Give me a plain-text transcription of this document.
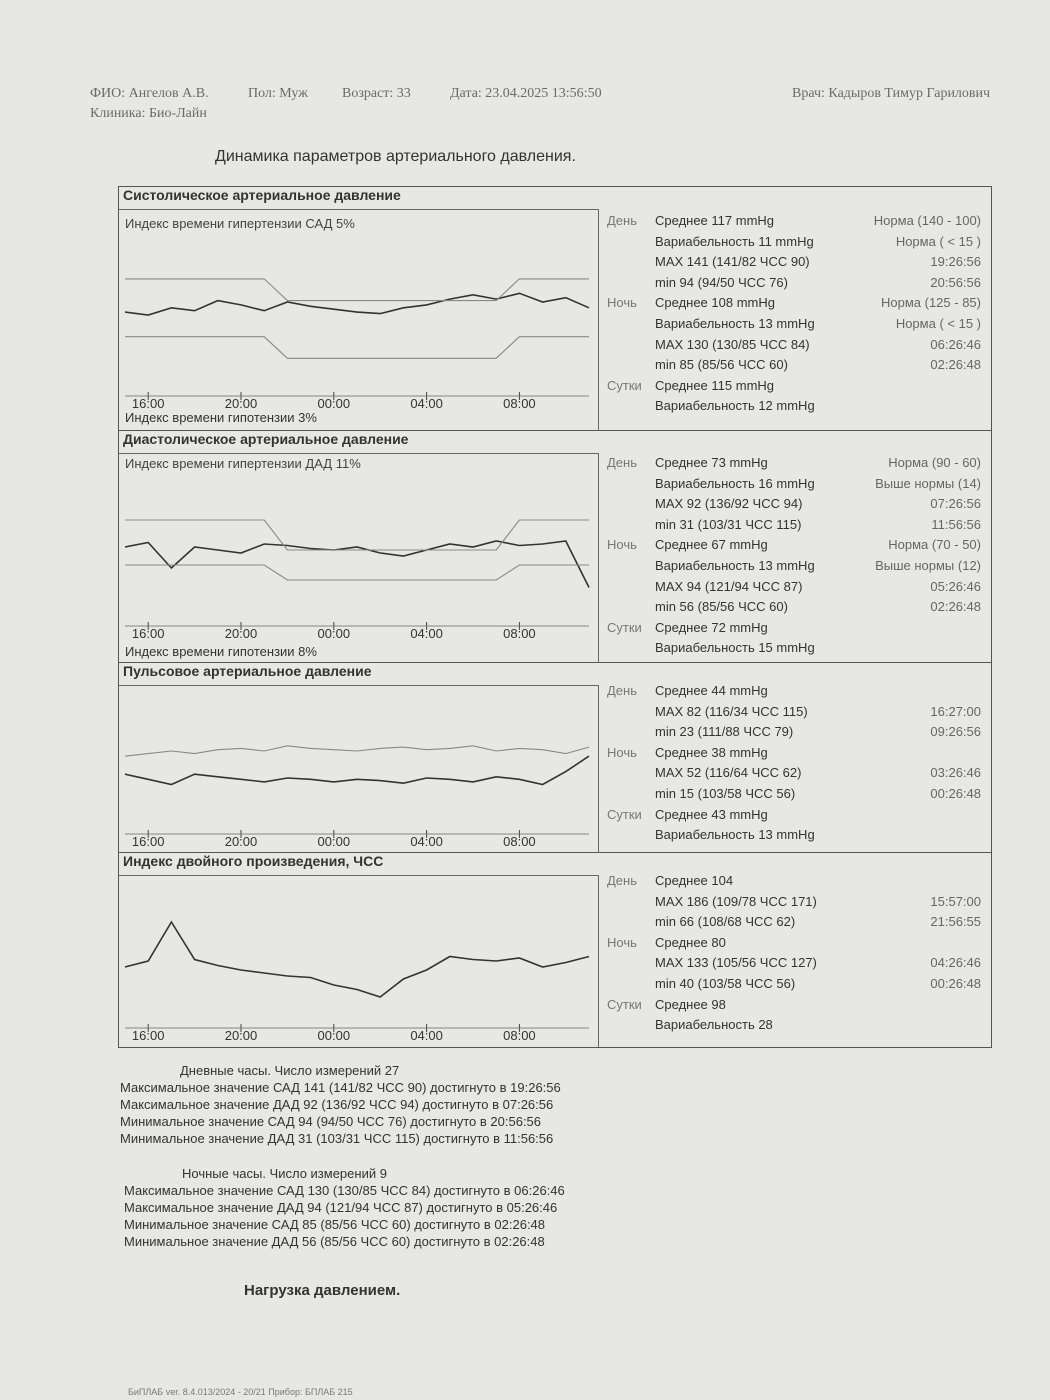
ФИО: Ангелов А.В.	Пол: Муж Возраст: 33	Дата: 23.04.2025 13:56:50	Врач: Кадыров Тимур Гарилович
Клиника: Био-Лайн
Динамика параметров артериального давления.
Систолическое артериальное давление
Индекс времени гипертензии САД 5%
16:00	20:00	00:00	04:00	08:00
Индекс времени гипотензии 3%
День Среднее 117 mmHg	Норма (140 - 100)
Вариабельность 11 mmHg	Норма ( < 15 )
MAX 141 (141/82 ЧСС 90)	19:26:56
min 94 (94/50 ЧСС 76)	20:56:56
Ночь Среднее 108 mmHg	Норма (125 - 85)
Вариабельность 13 mmHg	Норма ( < 15 )
MAX 130 (130/85 ЧСС 84)	06:26:46
min 85 (85/56 ЧСС 60)	02:26:48
Сутки Среднее 115 mmHg
Вариабельность 12 mmHg
Диастолическое артериальное давление
Индекс времени гипертензии ДАД 11%
16:00	20:00	00:00	04:00	08:00
Индекс времени гипотензии 8%
День Среднее 73 mmHg	Норма (90 - 60)
Вариабельность 16 mmHg	Выше нормы (14)
MAX 92 (136/92 ЧСС 94)	07:26:56
min 31 (103/31 ЧСС 115)	11:56:56
Ночь Среднее 67 mmHg	Норма (70 - 50)
Вариабельность 13 mmHg	Выше нормы (12)
MAX 94 (121/94 ЧСС 87)	05:26:46
min 56 (85/56 ЧСС 60)	02:26:48
Сутки Среднее 72 mmHg
Вариабельность 15 mmHg
Пульсовое артериальное давление
16:00	20:00	00:00	04:00	08:00
День Среднее 44 mmHg
MAX 82 (116/34 ЧСС 115)	16:27:00
min 23 (111/88 ЧСС 79)	09:26:56
Ночь Среднее 38 mmHg
MAX 52 (116/64 ЧСС 62)	03:26:46
min 15 (103/58 ЧСС 56)	00:26:48
Сутки Среднее 43 mmHg
Вариабельность 13 mmHg
Индекс двойного произведения, ЧСС
16:00	20:00	00:00	04:00	08:00
День Среднее 104
MAX 186 (109/78 ЧСС 171)	15:57:00
min 66 (108/68 ЧСС 62)	21:56:55
Ночь Среднее 80
MAX 133 (105/56 ЧСС 127)	04:26:46
min 40 (103/58 ЧСС 56)	00:26:48
Сутки Среднее 98
Вариабельность 28
Дневные часы. Число измерений 27
Максимальное значение САД 141 (141/82 ЧСС 90) достигнуто в 19:26:56
Максимальное значение ДАД 92 (136/92 ЧСС 94) достигнуто в 07:26:56
Минимальное значение САД 94 (94/50 ЧСС 76) достигнуто в 20:56:56
Минимальное значение ДАД 31 (103/31 ЧСС 115) достигнуто в 11:56:56
Ночные часы. Число измерений 9
Максимальное значение САД 130 (130/85 ЧСС 84) достигнуто в 06:26:46
Максимальное значение ДАД 94 (121/94 ЧСС 87) достигнуто в 05:26:46
Минимальное значение САД 85 (85/56 ЧСС 60) достигнуто в 02:26:48
Минимальное значение ДАД 56 (85/56 ЧСС 60) достигнуто в 02:26:48
Нагрузка давлением.
БиПЛАБ ver. 8.4.013/2024 - 20/21 Прибор: БПЛАБ 215
